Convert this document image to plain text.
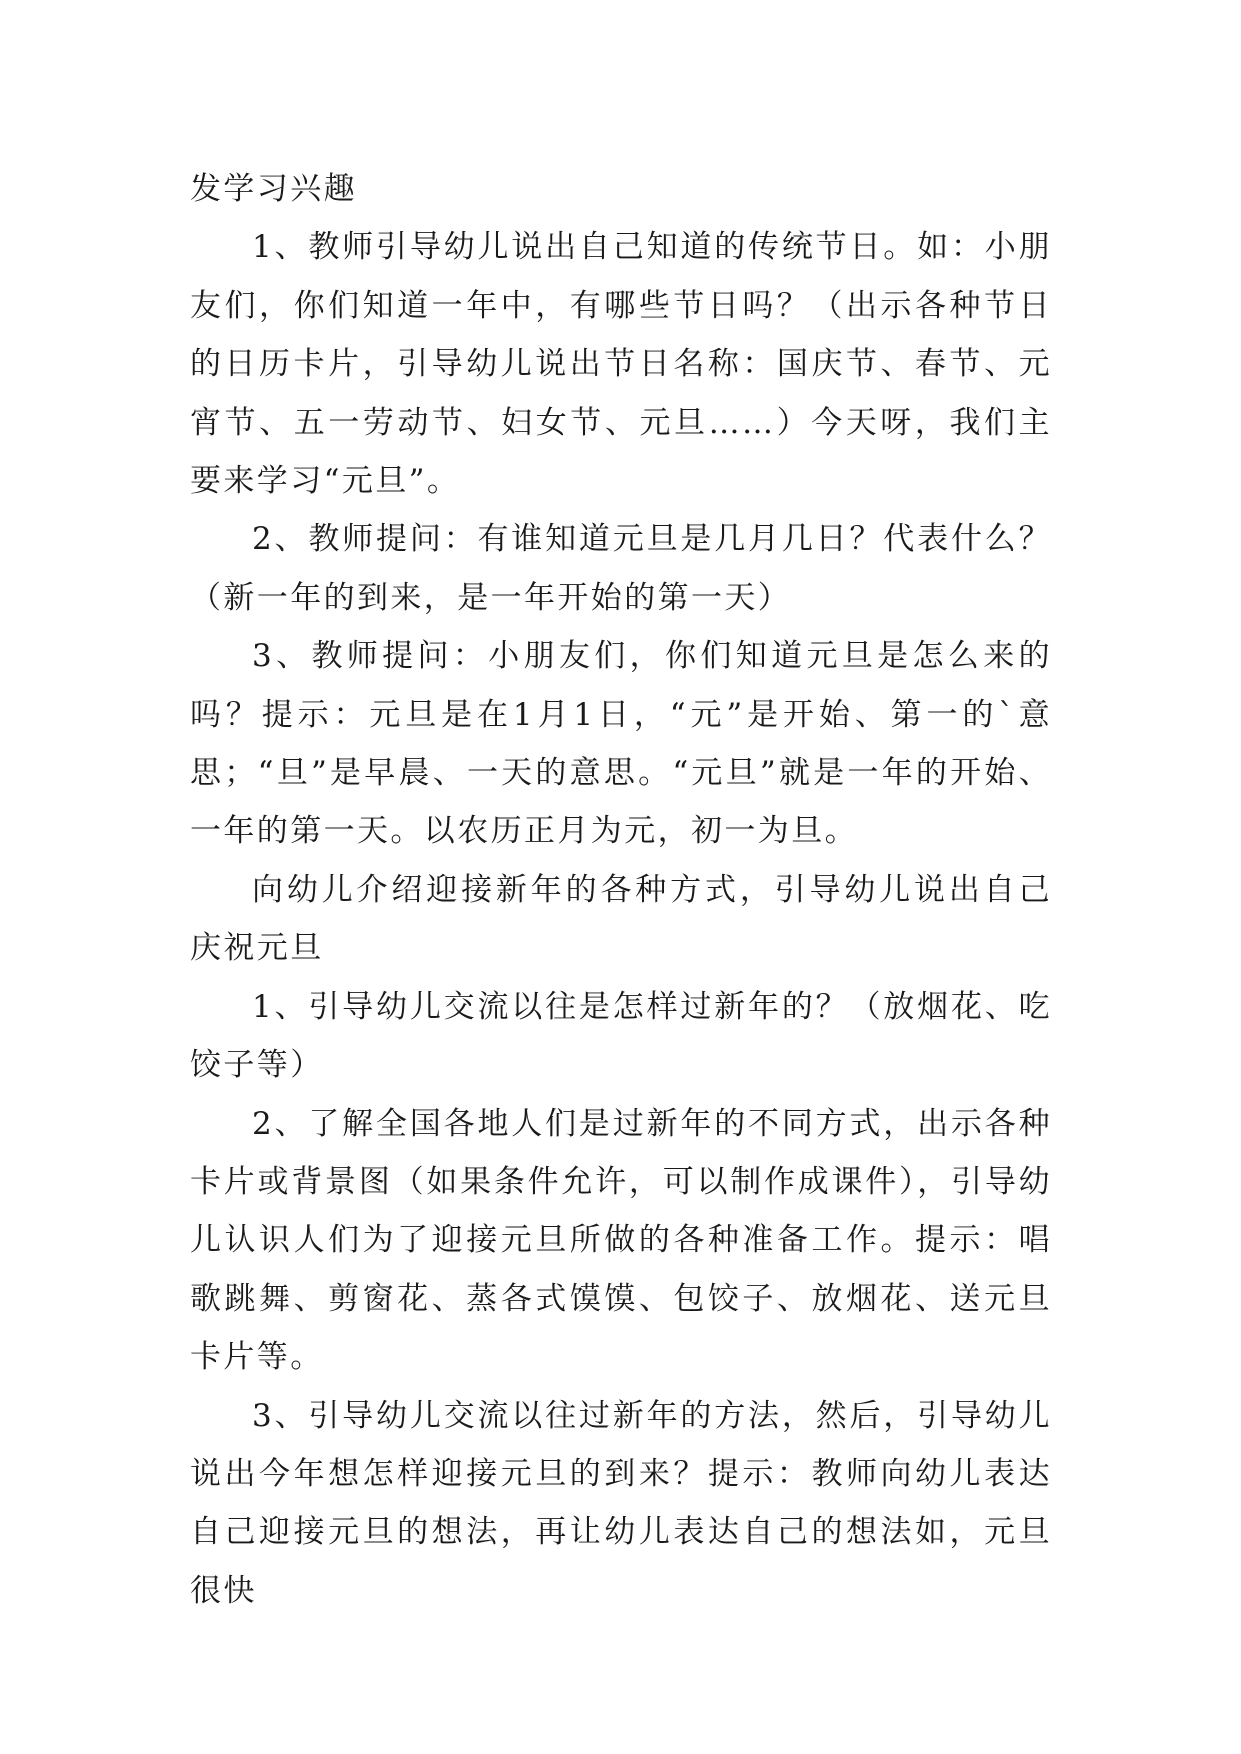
发学习兴趣

1、教师引导幼儿说出自己知道的传统节日。如：小朋友们，你们知道一年中，有哪些节日吗？（出示各种节日的日历卡片，引导幼儿说出节日名称：国庆节、春节、元宵节、五一劳动节、妇女节、元旦……）今天呀，我们主要来学习“元旦”。

2、教师提问：有谁知道元旦是几月几日？代表什么？（新一年的到来，是一年开始的第一天）

3、教师提问：小朋友们，你们知道元旦是怎么来的吗？提示：元旦是在1月1日，“元”是开始、第一的`意思；“旦”是早晨、一天的意思。“元旦”就是一年的开始、一年的第一天。以农历正月为元，初一为旦。

向幼儿介绍迎接新年的各种方式，引导幼儿说出自己庆祝元旦

1、引导幼儿交流以往是怎样过新年的？（放烟花、吃饺子等）

2、了解全国各地人们是过新年的不同方式，出示各种卡片或背景图（如果条件允许，可以制作成课件），引导幼儿认识人们为了迎接元旦所做的各种准备工作。提示：唱歌跳舞、剪窗花、蒸各式馍馍、包饺子、放烟花、送元旦卡片等。

3、引导幼儿交流以往过新年的方法，然后，引导幼儿说出今年想怎样迎接元旦的到来？提示：教师向幼儿表达自己迎接元旦的想法，再让幼儿表达自己的想法如，元旦很快
